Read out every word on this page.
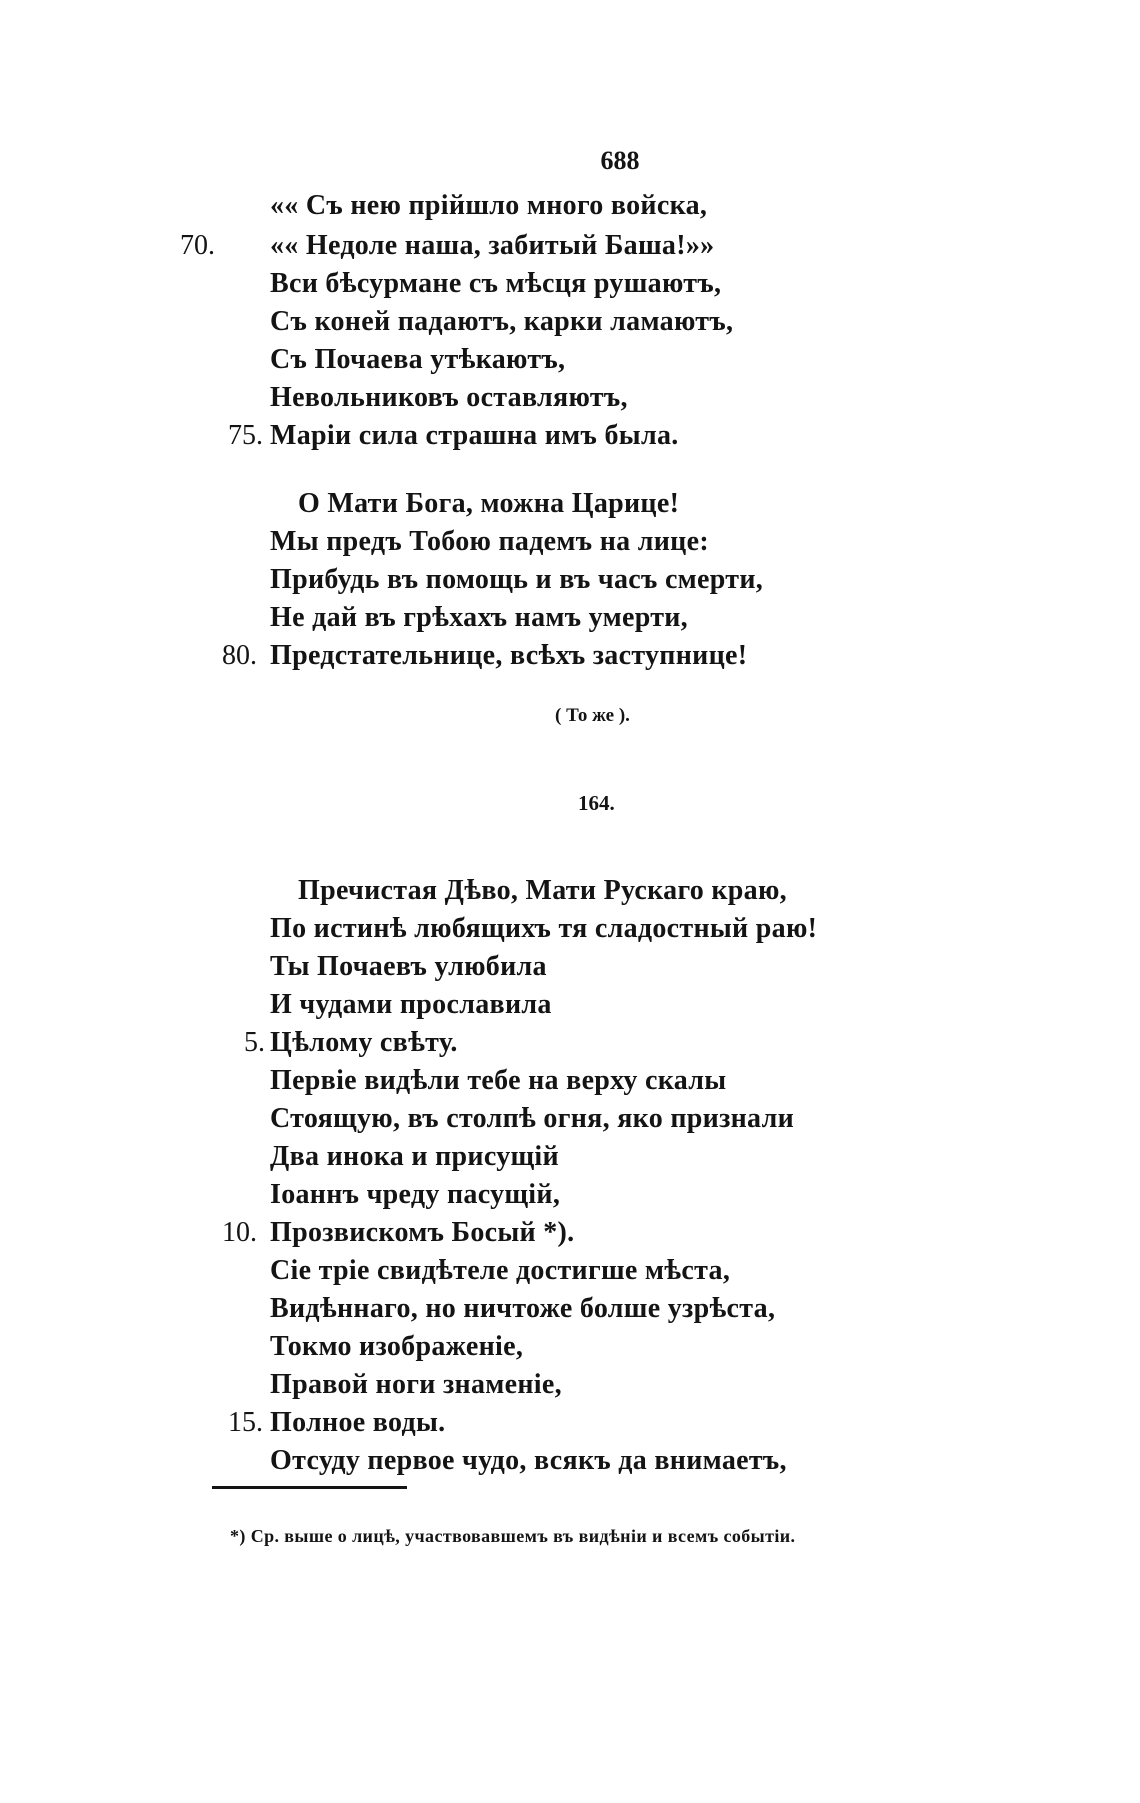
688
«« Съ нею прійшло много войска,
70. «« Недоле наша, забитый Баша!»»
Вси бѣсурмане съ мѣсця рушаютъ,
Съ коней падаютъ, карки ламаютъ,
Съ Почаева утѣкаютъ,
Невольниковъ оставляютъ,
75. Маріи сила страшна имъ была.
О Мати Бога, можна Царице!
Мы предъ Тобою падемъ на лице:
Прибудь въ помощь и въ часъ смерти,
Не дай въ грѣхахъ намъ умерти,
80. Предстательнице, всѣхъ заступнице!
( То же ).
164.
Пречистая Дѣво, Мати Рускаго краю,
По истинѣ любящихъ тя сладостный раю!
Ты Почаевъ улюбила
И чудами прославила
5. Цѣлому свѣту.
Первіе видѣли тебе на верху скалы
Стоящую, въ столпѣ огня, яко признали
Два инока и присущій
Іоаннъ чреду пасущій,
10. Прозвискомъ Босый *).
Сіе тріе свидѣтеле достигше мѣста,
Видѣннаго, но ничтоже болше узрѣста,
Токмо изображеніе,
Правой ноги знаменіе,
15. Полное воды.
Отсуду первое чудо, всякъ да внимаетъ,
*) Ср. выше о лицѣ, участвовавшемъ въ видѣніи и всемъ событіи.
